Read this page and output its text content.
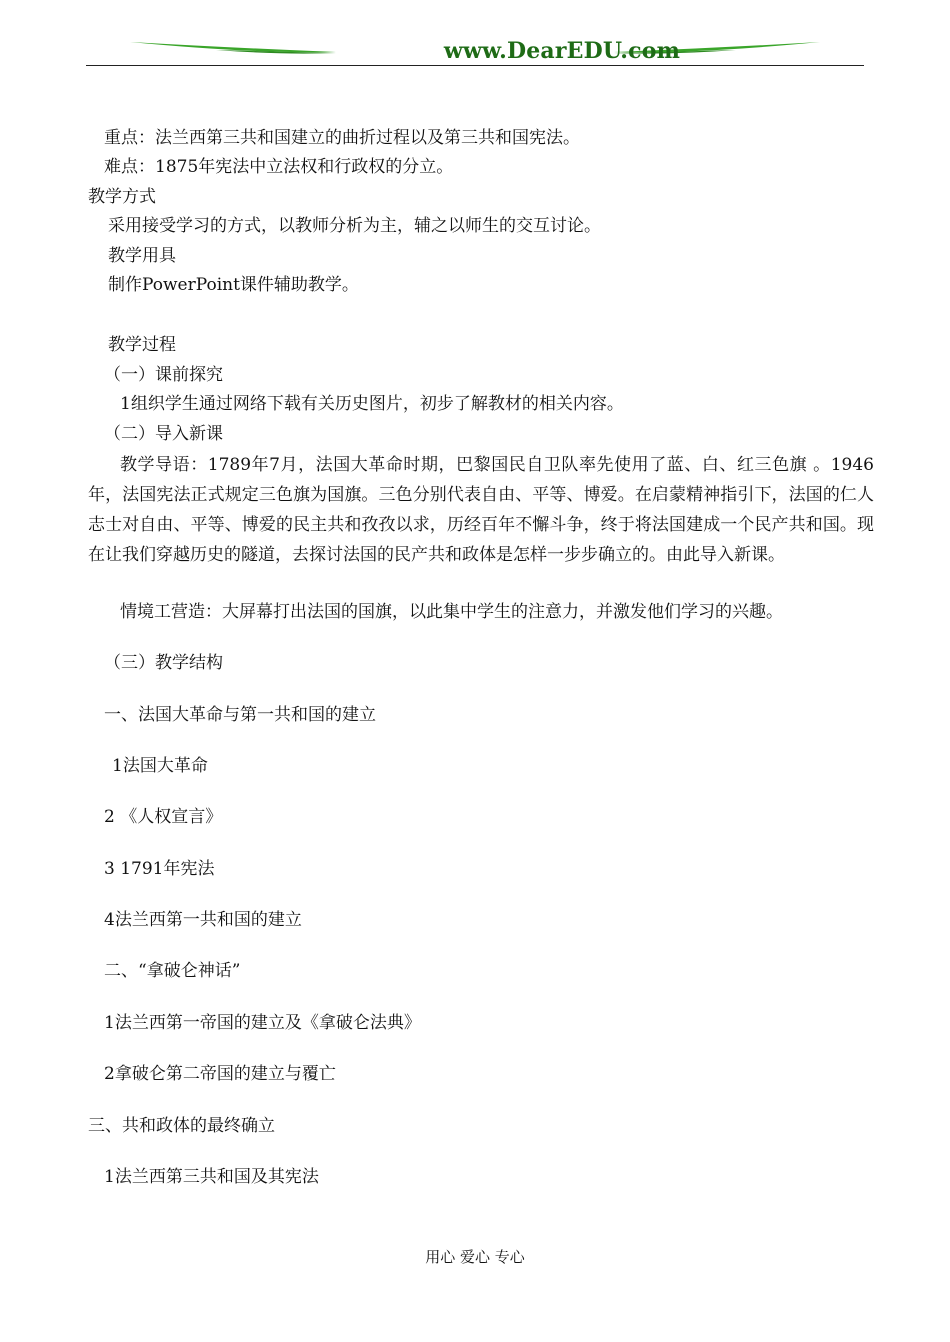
www.DearEDU.com
重点：法兰西第三共和国建立的曲折过程以及第三共和国宪法。
难点：1875年宪法中立法权和行政权的分立。
教学方式
采用接受学习的方式，以教师分析为主，辅之以师生的交互讨论。
教学用具
制作PowerPoint课件辅助教学。
教学过程
（一）课前探究
1组织学生通过网络下载有关历史图片，初步了解教材的相关内容。
（二）导入新课
教学导语：1789年7月，法国大革命时期，巴黎国民自卫队率先使用了蓝、白、红三色旗 。1946年，法国宪法正式规定三色旗为国旗。三色分别代表自由、平等、博爱。在启蒙精神指引下，法国的仁人志士对自由、平等、博爱的民主共和孜孜以求，历经百年不懈斗争，终于将法国建成一个民产共和国。现在让我们穿越历史的隧道，去探讨法国的民产共和政体是怎样一步步确立的。由此导入新课。
情境工营造：大屏幕打出法国的国旗，以此集中学生的注意力，并激发他们学习的兴趣。
（三）教学结构
一、法国大革命与第一共和国的建立
1法国大革命
2 《人权宣言》
3 1791年宪法
4法兰西第一共和国的建立
二、“拿破仑神话”
1法兰西第一帝国的建立及《拿破仑法典》
2拿破仑第二帝国的建立与覆亡
三、共和政体的最终确立
1法兰西第三共和国及其宪法
用心 爱心 专心
